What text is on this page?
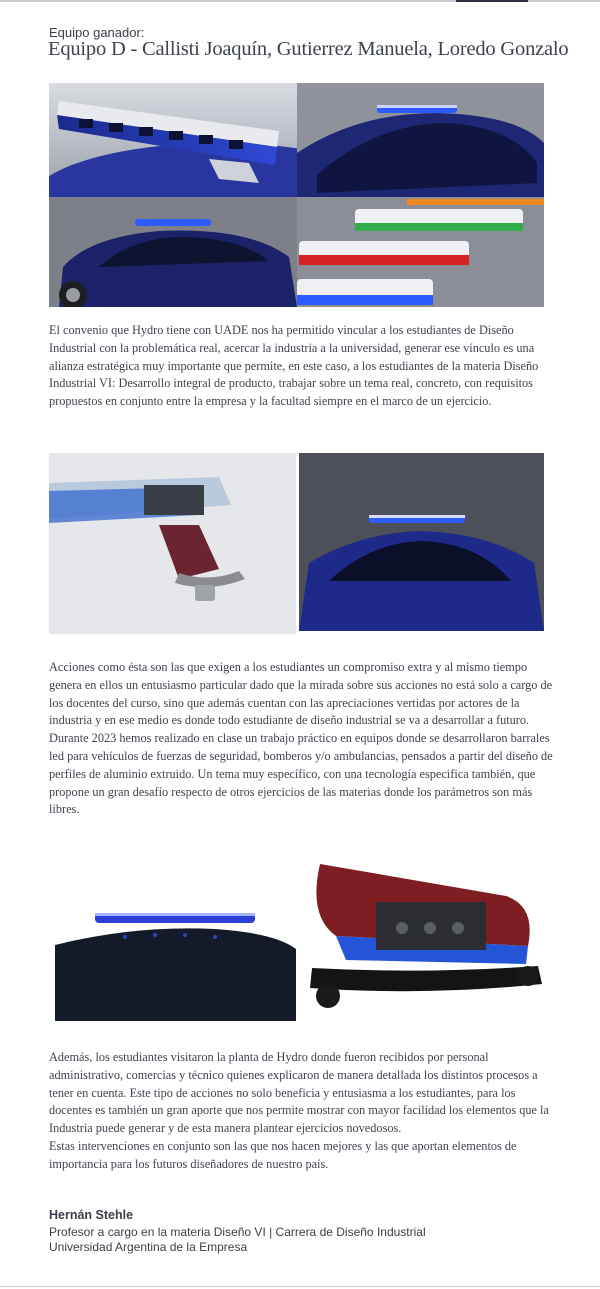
Equipo ganador:
Equipo D - Callisti Joaquín, Gutierrez Manuela, Loredo Gonzalo

El convenio que Hydro tiene con UADE nos ha permitido vincular a los estudiantes de Diseño Industrial con la problemática real, acercar la industria a la universidad, generar ese vínculo es una alianza estratégica muy importante que permite, en este caso, a los estudiantes de la materia Diseño Industrial VI: Desarrollo integral de producto, trabajar sobre un tema real, concreto, con requisitos propuestos en conjunto entre la empresa y la facultad siempre en el marco de un ejercicio.

Acciones como ésta son las que exigen a los estudiantes un compromiso extra y al mismo tiempo genera en ellos un entusiasmo particular dado que la mirada sobre sus acciones no está solo a cargo de los docentes del curso, sino que además cuentan con las apreciaciones vertidas por actores de la industria y en ese medio es donde todo estudiante de diseño industrial se va a desarrollar a futuro.

Durante 2023 hemos realizado en clase un trabajo práctico en equipos donde se desarrollaron barrales led para vehículos de fuerzas de seguridad, bomberos y/o ambulancias, pensados a partir del diseño de perfiles de aluminio extruido. Un tema muy específico, con una tecnología especifica también, que propone un gran desafío respecto de otros ejercicios de las materias donde los parámetros son más libres.

Además, los estudiantes visitaron la planta de Hydro donde fueron recibidos por personal administrativo, comercias y técnico quienes explicaron de manera detallada los distintos procesos a tener en cuenta. Este tipo de acciones no solo beneficia y entusiasma a los estudiantes, para los docentes es también un gran aporte que nos permite mostrar con mayor facilidad los elementos que la Industria puede generar y de esta manera plantear ejercicios novedosos.

Estas intervenciones en conjunto son las que nos hacen mejores y las que aportan elementos de importancia para los futuros diseñadores de nuestro país.

Hernán Stehle
Profesor a cargo en la materia Diseño VI | Carrera de Diseño Industrial
Universidad Argentina de la Empresa
